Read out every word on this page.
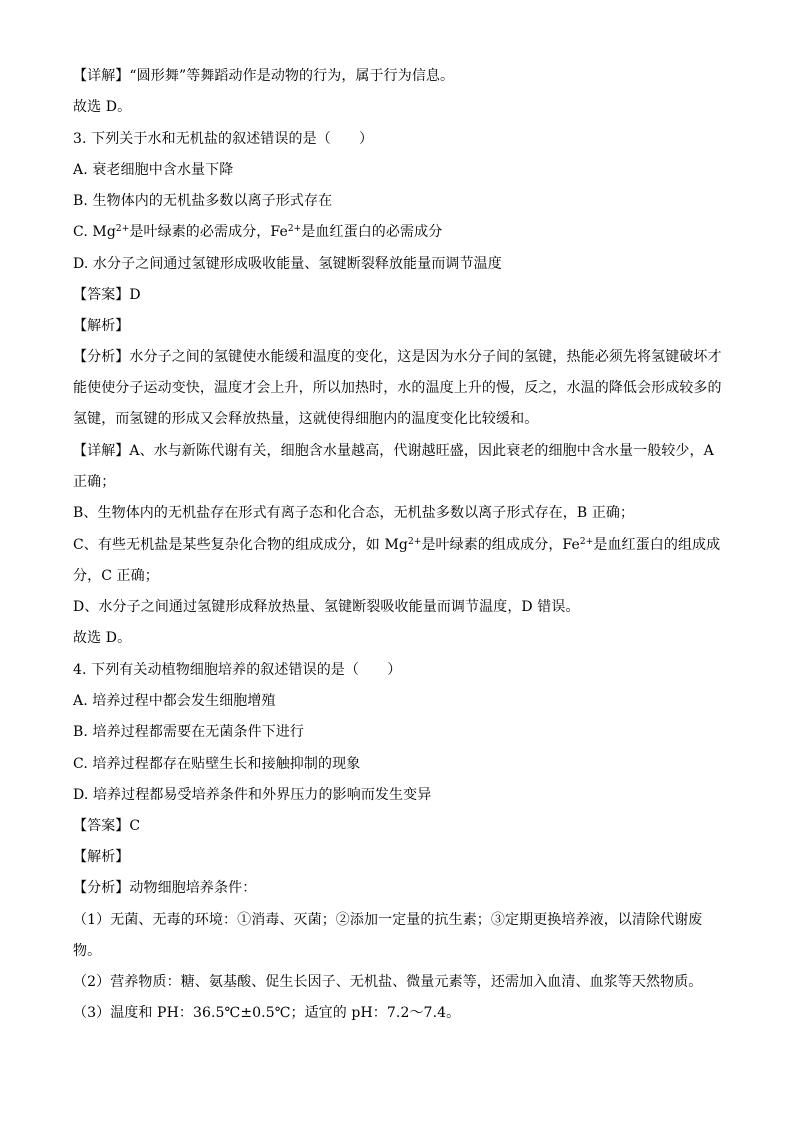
【详解】“圆形舞”等舞蹈动作是动物的行为，属于行为信息。
故选 D。
3. 下列关于水和无机盐的叙述错误的是（　　）
A. 衰老细胞中含水量下降
B. 生物体内的无机盐多数以离子形式存在
C. $Mg^{2+}$是叶绿素的必需成分，$Fe^{2+}$是血红蛋白的必需成分
D. 水分子之间通过氢键形成吸收能量、氢键断裂释放能量而调节温度
【答案】D
【解析】
【分析】水分子之间的氢键使水能缓和温度的变化，这是因为水分子间的氢键，热能必须先将氢键破坏才
能使使分子运动变快，温度才会上升，所以加热时，水的温度上升的慢，反之，水温的降低会形成较多的
氢键，而氢键的形成又会释放热量，这就使得细胞内的温度变化比较缓和。
【详解】A、水与新陈代谢有关，细胞含水量越高，代谢越旺盛，因此衰老的细胞中含水量一般较少，A
正确；
B、生物体内的无机盐存在形式有离子态和化合态，无机盐多数以离子形式存在，B 正确；
C、有些无机盐是某些复杂化合物的组成成分，如 $Mg^{2+}$是叶绿素的组成成分，$Fe^{2+}$是血红蛋白的组成成
分，C 正确；
D、水分子之间通过氢键形成释放热量、氢键断裂吸收能量而调节温度，D 错误。
故选 D。
4. 下列有关动植物细胞培养的叙述错误的是（　　）
A. 培养过程中都会发生细胞增殖
B. 培养过程都需要在无菌条件下进行
C. 培养过程都存在贴壁生长和接触抑制的现象
D. 培养过程都易受培养条件和外界压力的影响而发生变异
【答案】C
【解析】
【分析】动物细胞培养条件：
（1）无菌、无毒的环境：①消毒、灭菌；②添加一定量的抗生素；③定期更换培养液，以清除代谢废
物。
（2）营养物质：糖、氨基酸、促生长因子、无机盐、微量元素等，还需加入血清、血浆等天然物质。
（3）温度和 PH：36.5℃±0.5℃；适宜的 pH：7.2～7.4。
